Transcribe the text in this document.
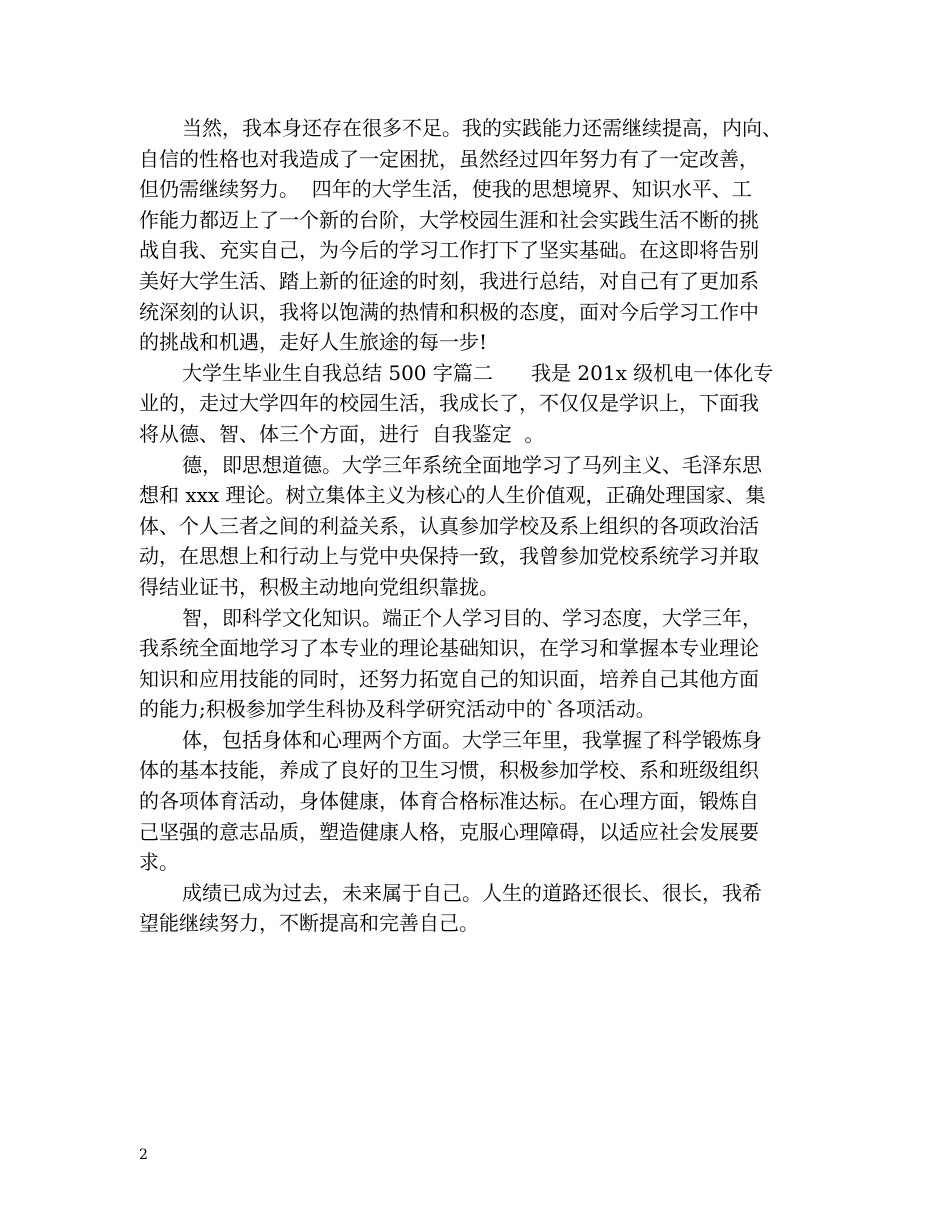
当然，我本身还存在很多不足。我的实践能力还需继续提高，内向、
自信的性格也对我造成了一定困扰，虽然经过四年努力有了一定改善，
但仍需继续努力。  四年的大学生活，使我的思想境界、知识水平、工
作能力都迈上了一个新的台阶，大学校园生涯和社会实践生活不断的挑
战自我、充实自己，为今后的学习工作打下了坚实基础。在这即将告别
美好大学生活、踏上新的征途的时刻，我进行总结，对自己有了更加系
统深刻的认识，我将以饱满的热情和积极的态度，面对今后学习工作中
的挑战和机遇，走好人生旅途的每一步!
大学生毕业生自我总结 500 字篇二      我是 201x 级机电一体化专
业的，走过大学四年的校园生活，我成长了，不仅仅是学识上，下面我
将从德、智、体三个方面，进行  自我鉴定  。
德，即思想道德。大学三年系统全面地学习了马列主义、毛泽东思
想和 xxx 理论。树立集体主义为核心的人生价值观，正确处理国家、集
体、个人三者之间的利益关系，认真参加学校及系上组织的各项政治活
动，在思想上和行动上与党中央保持一致，我曾参加党校系统学习并取
得结业证书，积极主动地向党组织靠拢。
智，即科学文化知识。端正个人学习目的、学习态度，大学三年，
我系统全面地学习了本专业的理论基础知识，在学习和掌握本专业理论
知识和应用技能的同时，还努力拓宽自己的知识面，培养自己其他方面
的能力;积极参加学生科协及科学研究活动中的`各项活动。
体，包括身体和心理两个方面。大学三年里，我掌握了科学锻炼身
体的基本技能，养成了良好的卫生习惯，积极参加学校、系和班级组织
的各项体育活动，身体健康，体育合格标准达标。在心理方面，锻炼自
己坚强的意志品质，塑造健康人格，克服心理障碍，以适应社会发展要
求。
成绩已成为过去，未来属于自己。人生的道路还很长、很长，我希
望能继续努力，不断提高和完善自己。
2
